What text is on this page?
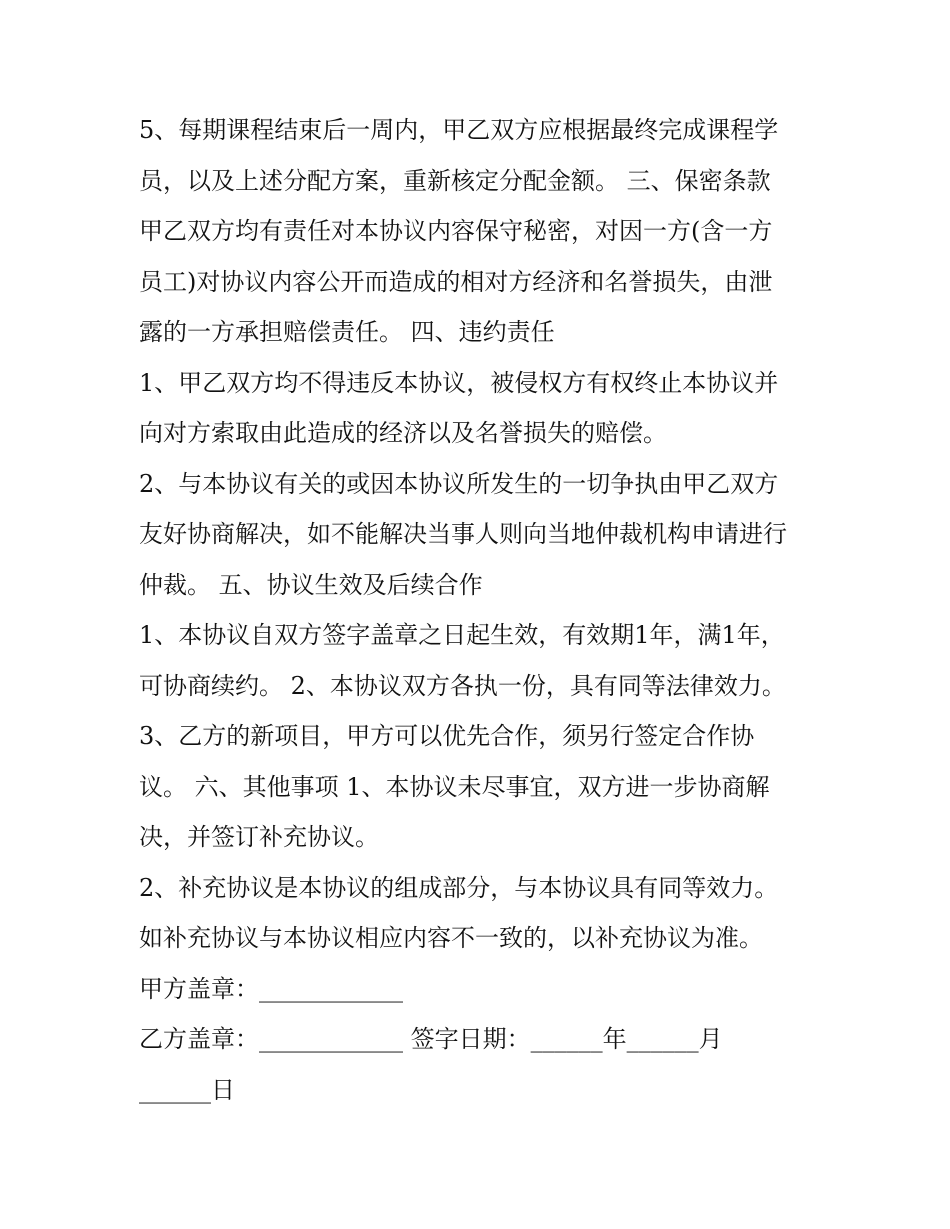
5、每期课程结束后一周内，甲乙双方应根据最终完成课程学
员，以及上述分配方案，重新核定分配金额。 三、保密条款
甲乙双方均有责任对本协议内容保守秘密，对因一方(含一方
员工)对协议内容公开而造成的相对方经济和名誉损失，由泄
露的一方承担赔偿责任。 四、违约责任
1、甲乙双方均不得违反本协议，被侵权方有权终止本协议并
向对方索取由此造成的经济以及名誉损失的赔偿。
2、与本协议有关的或因本协议所发生的一切争执由甲乙双方
友好协商解决，如不能解决当事人则向当地仲裁机构申请进行
仲裁。 五、协议生效及后续合作
1、本协议自双方签字盖章之日起生效，有效期1年，满1年，
可协商续约。 2、本协议双方各执一份，具有同等法律效力。
3、乙方的新项目，甲方可以优先合作，须另行签定合作协
议。 六、其他事项 1、本协议未尽事宜，双方进一步协商解
决，并签订补充协议。
2、补充协议是本协议的组成部分，与本协议具有同等效力。
如补充协议与本协议相应内容不一致的，以补充协议为准。
甲方盖章：____________
乙方盖章：____________ 签字日期：______年______月
______日
